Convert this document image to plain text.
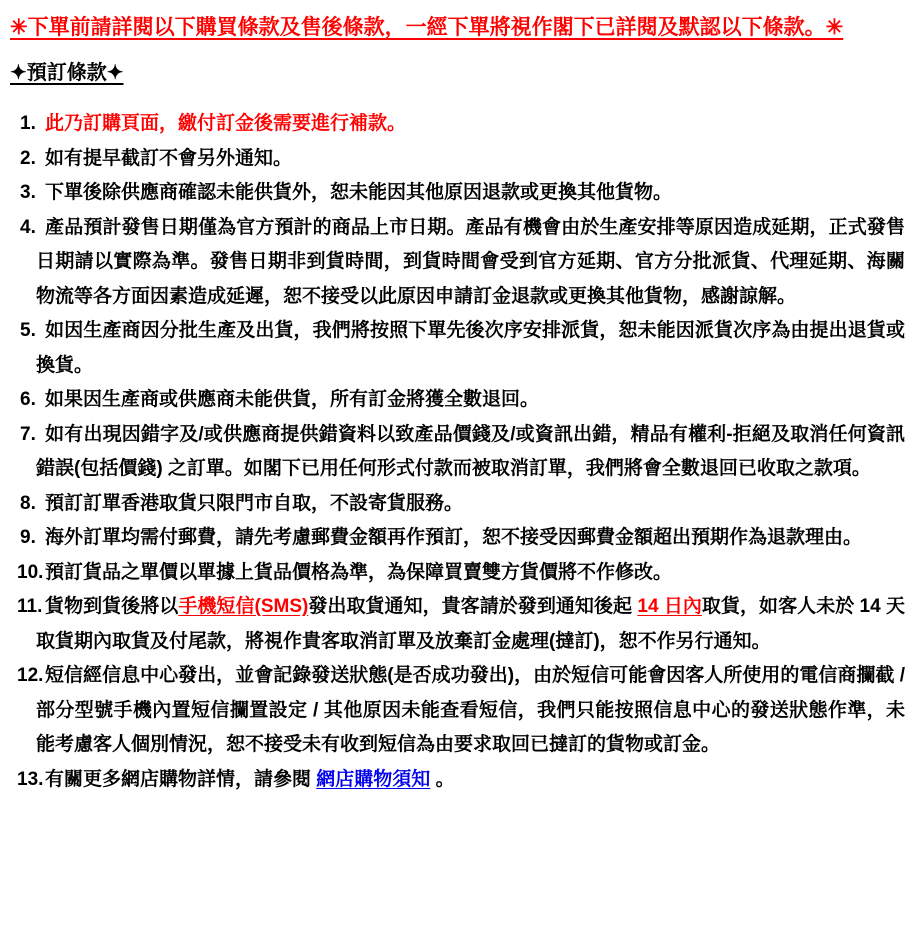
✳下單前請詳閱以下購買條款及售後條款，一經下單將視作閣下已詳閱及默認以下條款。✳
✦預訂條款✦
1. 此乃訂購頁面，繳付訂金後需要進行補款。
2. 如有提早截訂不會另外通知。
3. 下單後除供應商確認未能供貨外，恕未能因其他原因退款或更換其他貨物。
4. 產品預計發售日期僅為官方預計的商品上市日期。產品有機會由於生產安排等原因造成延期，正式發售日期請以實際為準。發售日期非到貨時間，到貨時間會受到官方延期、官方分批派貨、代理延期、海關物流等各方面因素造成延遲，恕不接受以此原因申請訂金退款或更換其他貨物，感謝諒解。
5. 如因生產商因分批生產及出貨，我們將按照下單先後次序安排派貨，恕未能因派貨次序為由提出退貨或換貨。
6. 如果因生產商或供應商未能供貨，所有訂金將獲全數退回。
7. 如有出現因錯字及/或供應商提供錯資料以致產品價錢及/或資訊出錯，精品有權利-拒絕及取消任何資訊錯誤(包括價錢) 之訂單。如閣下已用任何形式付款而被取消訂單，我們將會全數退回已收取之款項。
8. 預訂訂單香港取貨只限門市自取，不設寄貨服務。
9. 海外訂單均需付郵費，請先考慮郵費金額再作預訂，恕不接受因郵費金額超出預期作為退款理由。
10.預訂貨品之單價以單據上貨品價格為準，為保障買賣雙方貨價將不作修改。
11. 貨物到貨後將以手機短信(SMS)發出取貨通知，貴客請於發到通知後起 14 日內取貨，如客人未於 14 天取貨期內取貨及付尾款，將視作貴客取消訂單及放棄訂金處理(撻訂)，恕不作另行通知。
12.短信經信息中心發出，並會記錄發送狀態(是否成功發出)，由於短信可能會因客人所使用的電信商攔截 / 部分型號手機內置短信攔置設定 / 其他原因未能查看短信，我們只能按照信息中心的發送狀態作準，未能考慮客人個別情況，恕不接受未有收到短信為由要求取回已撻訂的貨物或訂金。
13.有關更多網店購物詳情，請參閱 網店購物須知 。
